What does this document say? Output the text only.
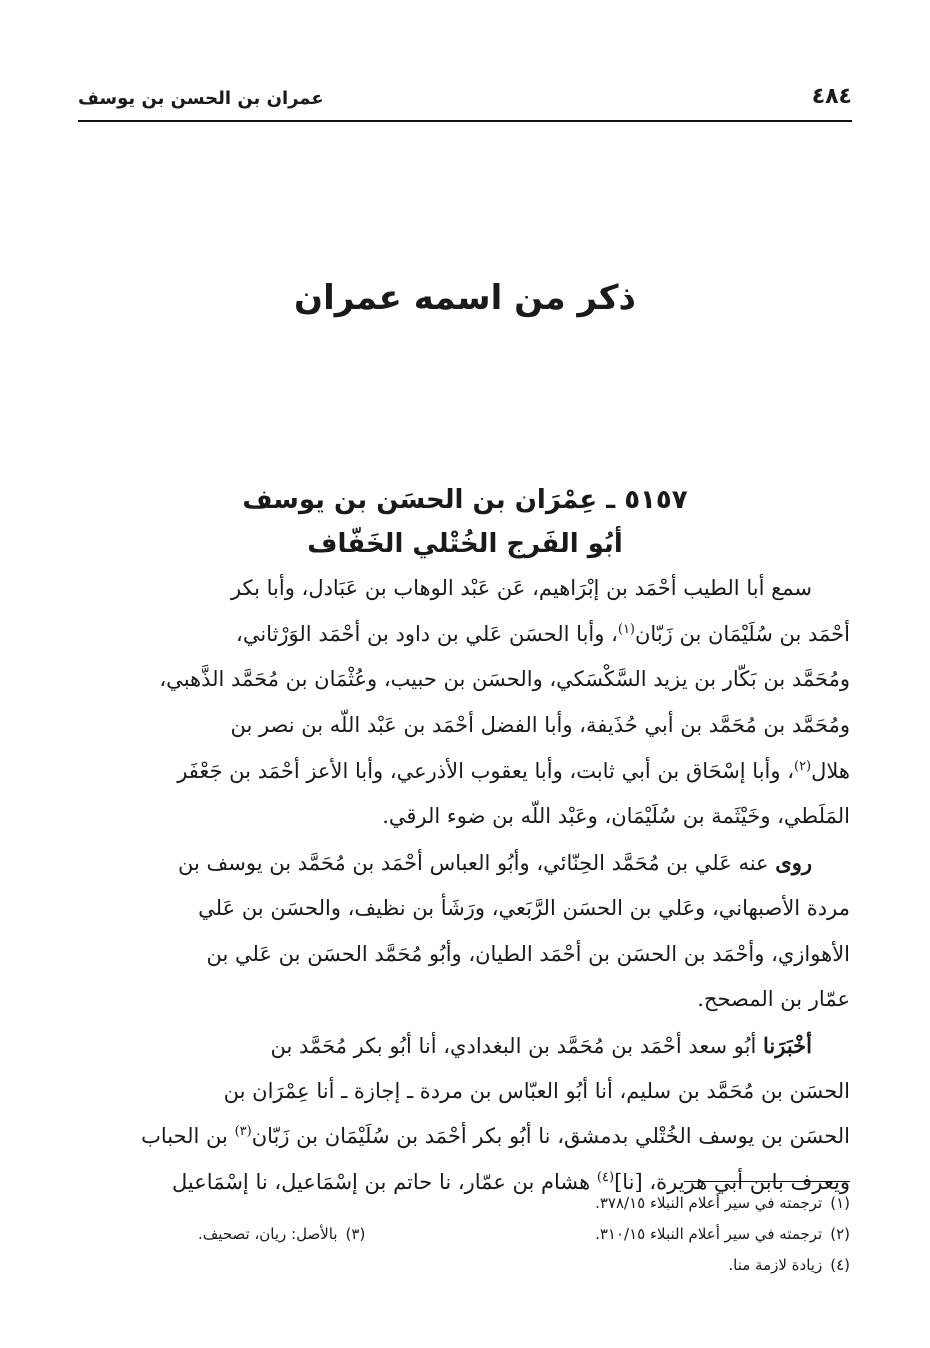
٤٨٤
عمران بن الحسن بن يوسف
ذكر من اسمه عمران
٥١٥٧ ـ عِمْرَان بن الحسَن بن يوسف
أبُو الفَرج الخُتْلي الخَفّاف
سمع أبا الطيب أحْمَد بن إبْرَاهيم، عَن عَبْد الوهاب بن عَبَادل، وأبا بكر
أحْمَد بن سُلَيْمَان بن زَبّان$^{(١)}$، وأبا الحسَن عَلي بن داود بن أحْمَد الوَرْثاني،
ومُحَمَّد بن بَكّار بن يزيد السَّكْسَكي، والحسَن بن حبيب، وعُثْمَان بن مُحَمَّد الذَّهبي،
ومُحَمَّد بن مُحَمَّد بن أبي حُذَيفة، وأبا الفضل أحْمَد بن عَبْد اللّه بن نصر بن
هلال$^{(٢)}$، وأبا إسْحَاق بن أبي ثابت، وأبا يعقوب الأذرعي، وأبا الأعز أحْمَد بن جَعْفَر
المَلَطي، وخَيْثَمة بن سُلَيْمَان، وعَبْد اللّه بن ضوء الرقي.
روى عنه عَلي بن مُحَمَّد الحِنّائي، وأبُو العباس أحْمَد بن مُحَمَّد بن يوسف بن
مردة الأصبهاني، وعَلي بن الحسَن الرَّبَعي، ورَشَأ بن نظيف، والحسَن بن عَلي
الأهوازي، وأحْمَد بن الحسَن بن أحْمَد الطيان، وأبُو مُحَمَّد الحسَن بن عَلي بن
عمّار بن المصحح.
أخْبَرَنا أبُو سعد أحْمَد بن مُحَمَّد بن البغدادي، أنا أبُو بكر مُحَمَّد بن
الحسَن بن مُحَمَّد بن سليم، أنا أبُو العبّاس بن مردة ـ إجازة ـ أنا عِمْرَان بن
الحسَن بن يوسف الخُتْلي بدمشق، نا أبُو بكر أحْمَد بن سُلَيْمَان بن زَبّان$^{(٣)}$ بن الحباب
ويعرف بابن أبي هريرة، [نا]$^{(٤)}$ هشام بن عمّار، نا حاتم بن إسْمَاعيل، نا إسْمَاعيل
(١)ترجمته في سير أعلام النبلاء ٣٧٨/١٥.
(٢)ترجمته في سير أعلام النبلاء ٣١٠/١٥.
(٣)بالأصل: ريان، تصحيف.
(٤)زيادة لازمة منا.
